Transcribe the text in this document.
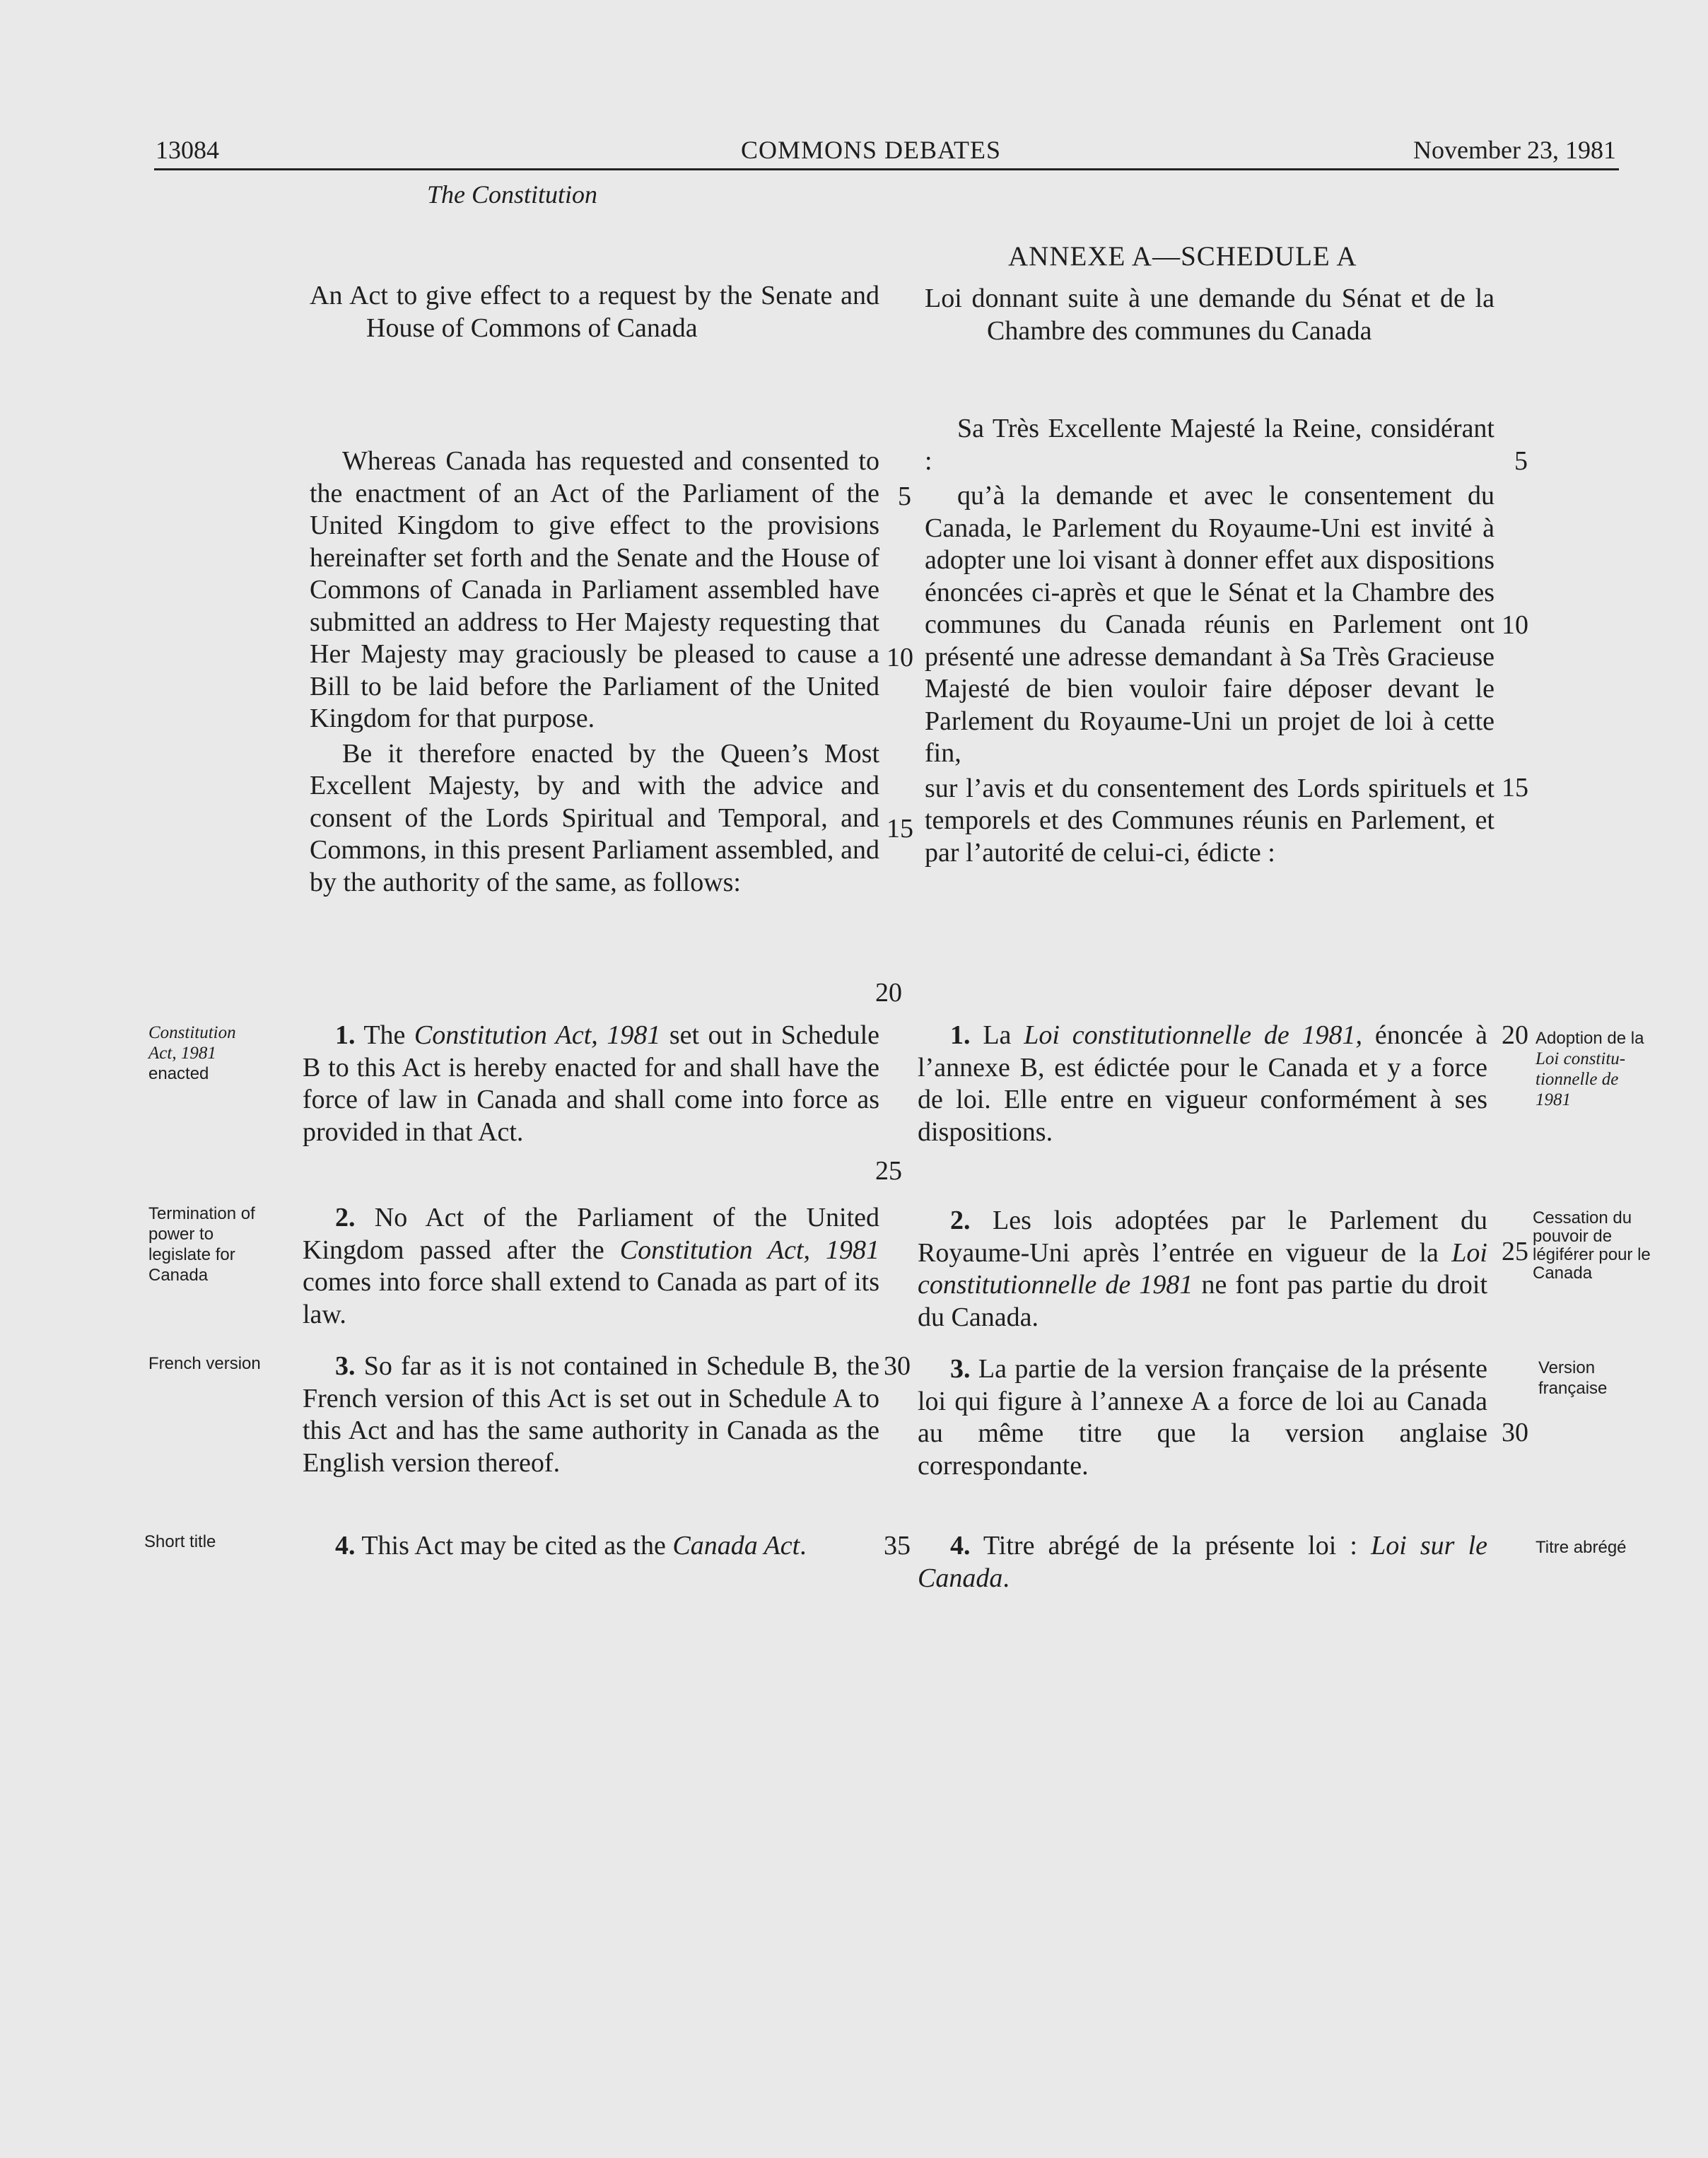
13084	COMMONS DEBATES	November 23, 1981
The Constitution
ANNEXE A—SCHEDULE A

An Act to give effect to a request by the Senate and House of Commons of Canada

Whereas Canada has requested and consented to the enactment of an Act of the Parliament of the United Kingdom to give effect to the provisions hereinafter set forth and the Senate and the House of Commons of Canada in Parliament assembled have submitted an address to Her Majesty requesting that Her Majesty may graciously be pleased to cause a Bill to be laid before the Parliament of the United Kingdom for that purpose.

Be it therefore enacted by the Queen’s Most Excellent Majesty, by and with the advice and consent of the Lords Spiritual and Temporal, and Commons, in this present Parliament assembled, and by the authority of the same, as follows:

1. The Constitution Act, 1981 set out in Schedule B to this Act is hereby enacted for and shall have the force of law in Canada and shall come into force as provided in that Act.

2. No Act of the Parliament of the United Kingdom passed after the Constitution Act, 1981 comes into force shall extend to Canada as part of its law.

3. So far as it is not contained in Schedule B, the French version of this Act is set out in Schedule A to this Act and has the same authority in Canada as the English version thereof.

4. This Act may be cited as the Canada Act.

5
10
15
20
25
30
35

Loi donnant suite à une demande du Sénat et de la Chambre des communes du Canada

Sa Très Excellente Majesté la Reine, considérant :

qu’à la demande et avec le consentement du Canada, le Parlement du Royaume-Uni est invité à adopter une loi visant à donner effet aux dispositions énoncées ci-après et que le Sénat et la Chambre des communes du Canada réunis en Parlement ont présenté une adresse demandant à Sa Très Gracieuse Majesté de bien vouloir faire déposer devant le Parlement du Royaume-Uni un projet de loi à cette fin,

sur l’avis et du consentement des Lords spirituels et temporels et des Communes réunis en Parlement, et par l’autorité de celui-ci, édicte :

1. La Loi constitutionnelle de 1981, énoncée à l’annexe B, est édictée pour le Canada et y a force de loi. Elle entre en vigueur conformément à ses dispositions.

2. Les lois adoptées par le Parlement du Royaume-Uni après l’entrée en vigueur de la Loi constitutionnelle de 1981 ne font pas partie du droit du Canada.

3. La partie de la version française de la présente loi qui figure à l’annexe A a force de loi au Canada au même titre que la version anglaise correspondante.

4. Titre abrégé de la présente loi : Loi sur le Canada.

5
10
15
20
25
30
Constitution
Act, 1981
enacted
Termination of
power to
legislate for
Canada
French version
Short title
Adoption de la
Loi constitu-
tionnelle de
1981
Cessation du
pouvoir de
légiférer pour le
Canada
Version
française
Titre abrégé
